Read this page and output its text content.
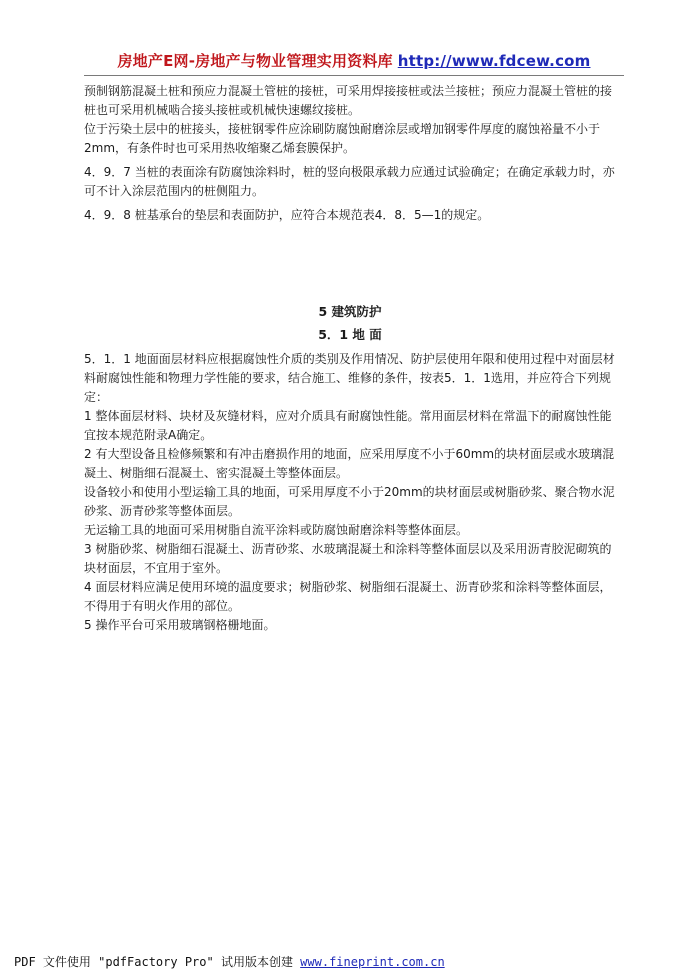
房地产E网-房地产与物业管理实用资料库 http://www.fdcew.com

预制钢筋混凝土桩和预应力混凝土管桩的接桩，可采用焊接接桩或法兰接桩；预应力混凝土管桩的接桩也可采用机械啮合接头接桩或机械快速螺纹接桩。

位于污染土层中的桩接头，接桩钢零件应涂刷防腐蚀耐磨涂层或增加钢零件厚度的腐蚀裕量不小于2mm，有条件时也可采用热收缩聚乙烯套膜保护。

4．9．7 当桩的表面涂有防腐蚀涂料时，桩的竖向极限承载力应通过试验确定；在确定承载力时，亦可不计入涂层范围内的桩侧阻力。

4．9．8 桩基承台的垫层和表面防护，应符合本规范表4．8．5—1的规定。

5 建筑防护
5．1 地 面

5．1．1 地面面层材料应根据腐蚀性介质的类别及作用情况、防护层使用年限和使用过程中对面层材料耐腐蚀性能和物理力学性能的要求，结合施工、维修的条件，按表5．1．1选用，并应符合下列规定：

1 整体面层材料、块材及灰缝材料，应对介质具有耐腐蚀性能。常用面层材料在常温下的耐腐蚀性能宜按本规范附录A确定。

2 有大型设备且检修频繁和有冲击磨损作用的地面，应采用厚度不小于60mm的块材面层或水玻璃混凝土、树脂细石混凝土、密实混凝土等整体面层。

设备较小和使用小型运输工具的地面，可采用厚度不小于20mm的块材面层或树脂砂浆、聚合物水泥砂浆、沥青砂浆等整体面层。

无运输工具的地面可采用树脂自流平涂料或防腐蚀耐磨涂料等整体面层。

3 树脂砂浆、树脂细石混凝土、沥青砂浆、水玻璃混凝土和涂料等整体面层以及采用沥青胶泥砌筑的块材面层，不宜用于室外。

4 面层材料应满足使用环境的温度要求；树脂砂浆、树脂细石混凝土、沥青砂浆和涂料等整体面层，不得用于有明火作用的部位。

5 操作平台可采用玻璃钢格栅地面。

PDF 文件使用 "pdfFactory Pro" 试用版本创建 www.fineprint.com.cn
